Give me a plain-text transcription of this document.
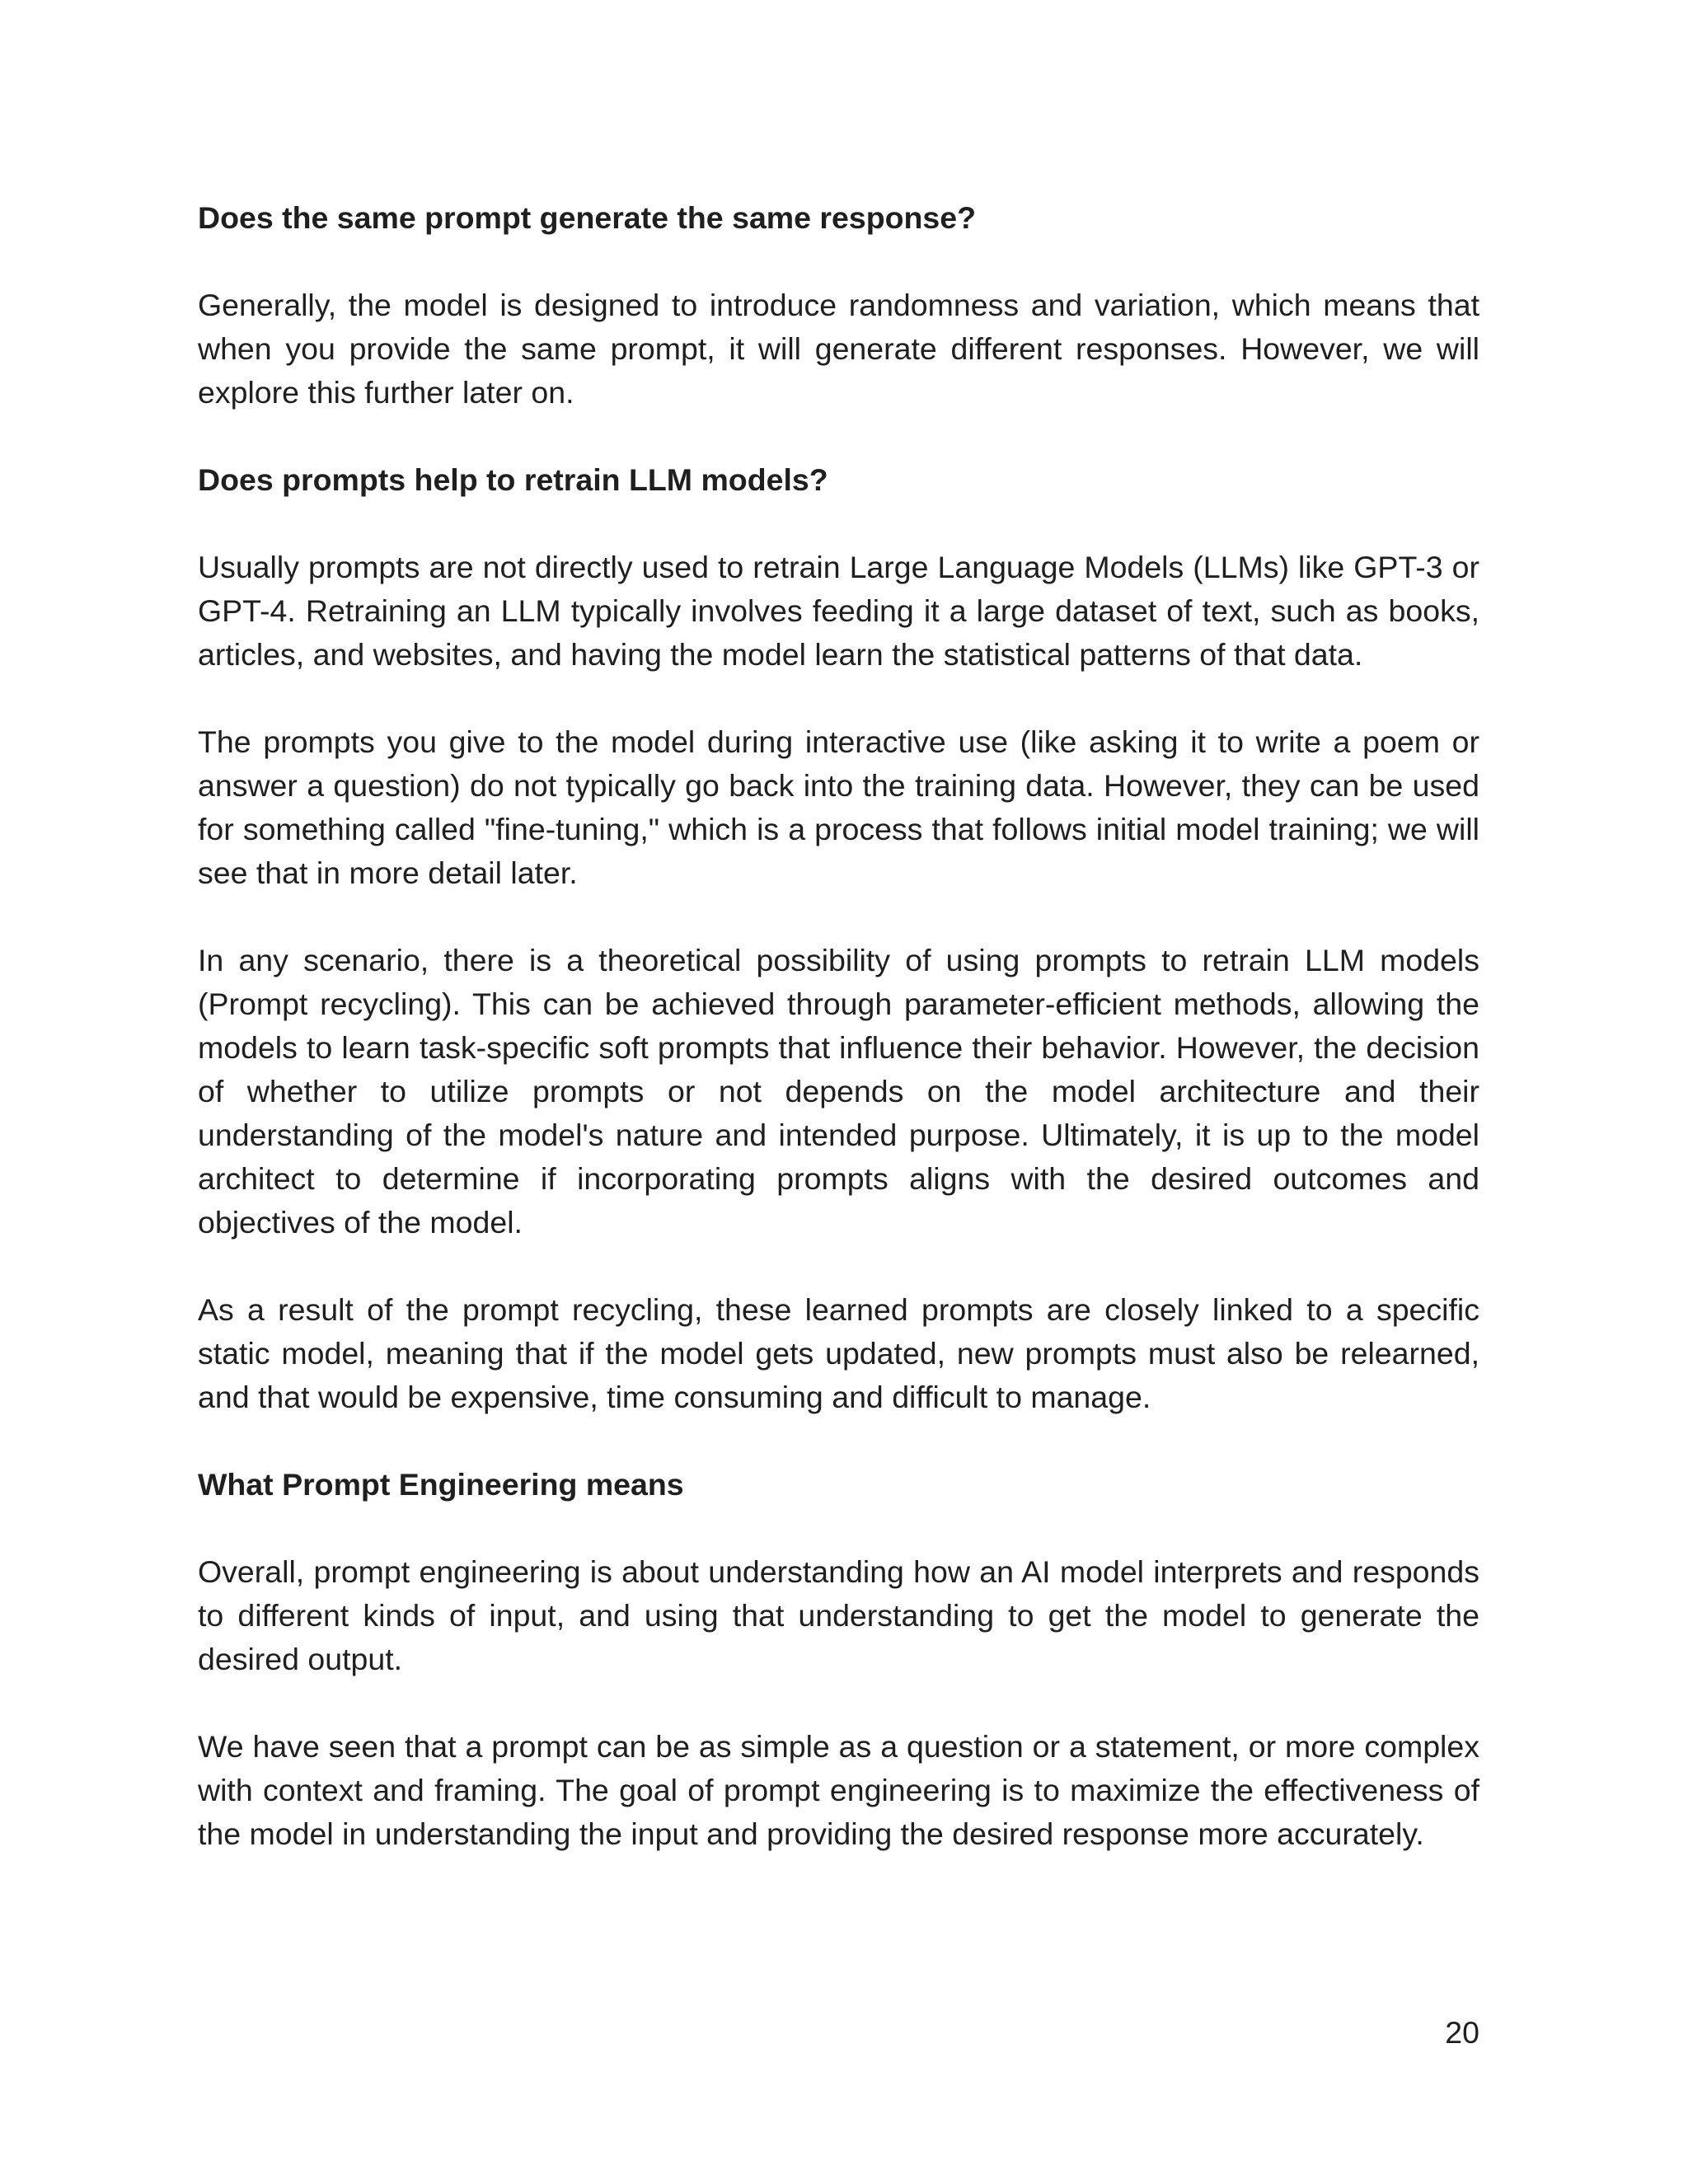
Does the same prompt generate the same response?

Generally, the model is designed to introduce randomness and variation, which means that when you provide the same prompt, it will generate different responses. However, we will explore this further later on.

Does prompts help to retrain LLM models?

Usually prompts are not directly used to retrain Large Language Models (LLMs) like GPT-3 or GPT-4. Retraining an LLM typically involves feeding it a large dataset of text, such as books, articles, and websites, and having the model learn the statistical patterns of that data.

The prompts you give to the model during interactive use (like asking it to write a poem or answer a question) do not typically go back into the training data. However, they can be used for something called "fine-tuning," which is a process that follows initial model training; we will see that in more detail later.

In any scenario, there is a theoretical possibility of using prompts to retrain LLM models (Prompt recycling). This can be achieved through parameter-efficient methods, allowing the models to learn task-specific soft prompts that influence their behavior. However, the decision of whether to utilize prompts or not depends on the model architecture and their understanding of the model's nature and intended purpose. Ultimately, it is up to the model architect to determine if incorporating prompts aligns with the desired outcomes and objectives of the model.

As a result of the prompt recycling, these learned prompts are closely linked to a specific static model, meaning that if the model gets updated, new prompts must also be relearned, and that would be expensive, time consuming and difficult to manage.

What Prompt Engineering means

Overall, prompt engineering is about understanding how an AI model interprets and responds to different kinds of input, and using that understanding to get the model to generate the desired output.

We have seen that a prompt can be as simple as a question or a statement, or more complex with context and framing. The goal of prompt engineering is to maximize the effectiveness of the model in understanding the input and providing the desired response more accurately.

20
